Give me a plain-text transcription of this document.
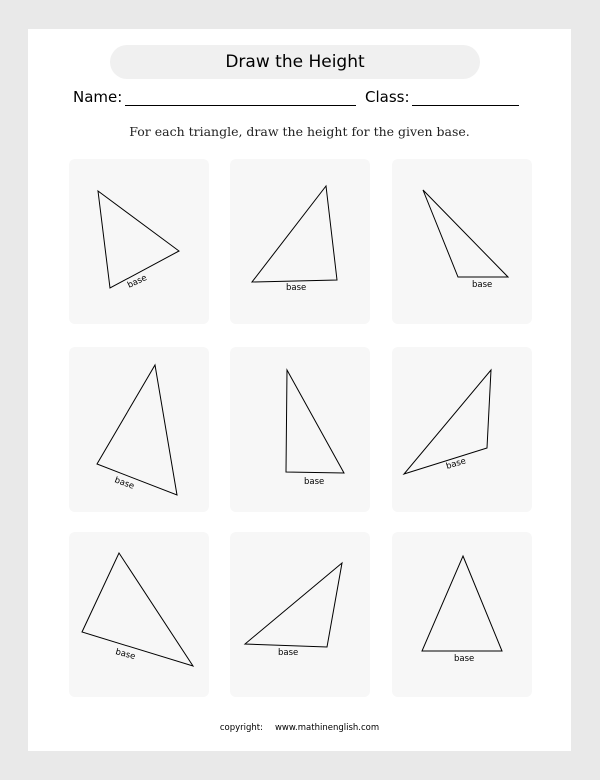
Draw the Height
Name:	Class:
For each triangle, draw the height for the given base.
base	base	base
base	base
base
base	base
base
copyright: www.mathinenglish.com
